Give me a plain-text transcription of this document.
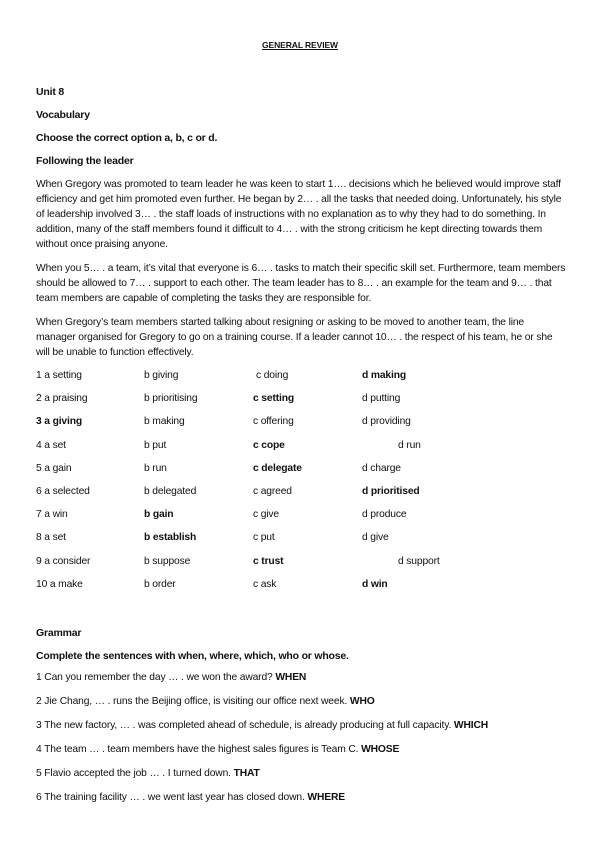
GENERAL REVIEW
Unit 8
Vocabulary
Choose the correct option a, b, c or d.
Following the leader
When Gregory was promoted to team leader he was keen to start 1…. decisions which he believed would improve staff efficiency and get him promoted even further. He began by 2… . all the tasks that needed doing. Unfortunately, his style of leadership involved 3… . the staff loads of instructions with no explanation as to why they had to do something. In addition, many of the staff members found it difficult to 4… . with the strong criticism he kept directing towards them without once praising anyone.
When you 5… . a team, it’s vital that everyone is 6… . tasks to match their specific skill set. Furthermore, team members should be allowed to 7… . support to each other. The team leader has to 8… . an example for the team and 9… . that team members are capable of completing the tasks they are responsible for.
When Gregory’s team members started talking about resigning or asking to be moved to another team, the line manager organised for Gregory to go on a training course. If a leader cannot 10… . the respect of his team, he or she will be unable to function effectively.
1 a setting	b giving	c doing	d making
2 a praising	b prioritising	c setting	d putting
3 a giving	b making	c offering	d providing
4 a set	b put	c cope	d run
5 a gain	b run	c delegate	d charge
6 a selected	b delegated	c agreed	d prioritised
7 a win	b gain	c give	d produce
8 a set	b establish	c put	d give
9 a consider	b suppose	c trust	d support
10 a make	b order	c ask	d win
Grammar
Complete the sentences with when, where, which, who or whose.
1 Can you remember the day … . we won the award? WHEN
2 Jie Chang, … . runs the Beijing office, is visiting our office next week. WHO
3 The new factory, … . was completed ahead of schedule, is already producing at full capacity. WHICH
4 The team … . team members have the highest sales figures is Team C. WHOSE
5 Flavio accepted the job … . I turned down. THAT
6 The training facility … . we went last year has closed down. WHERE
